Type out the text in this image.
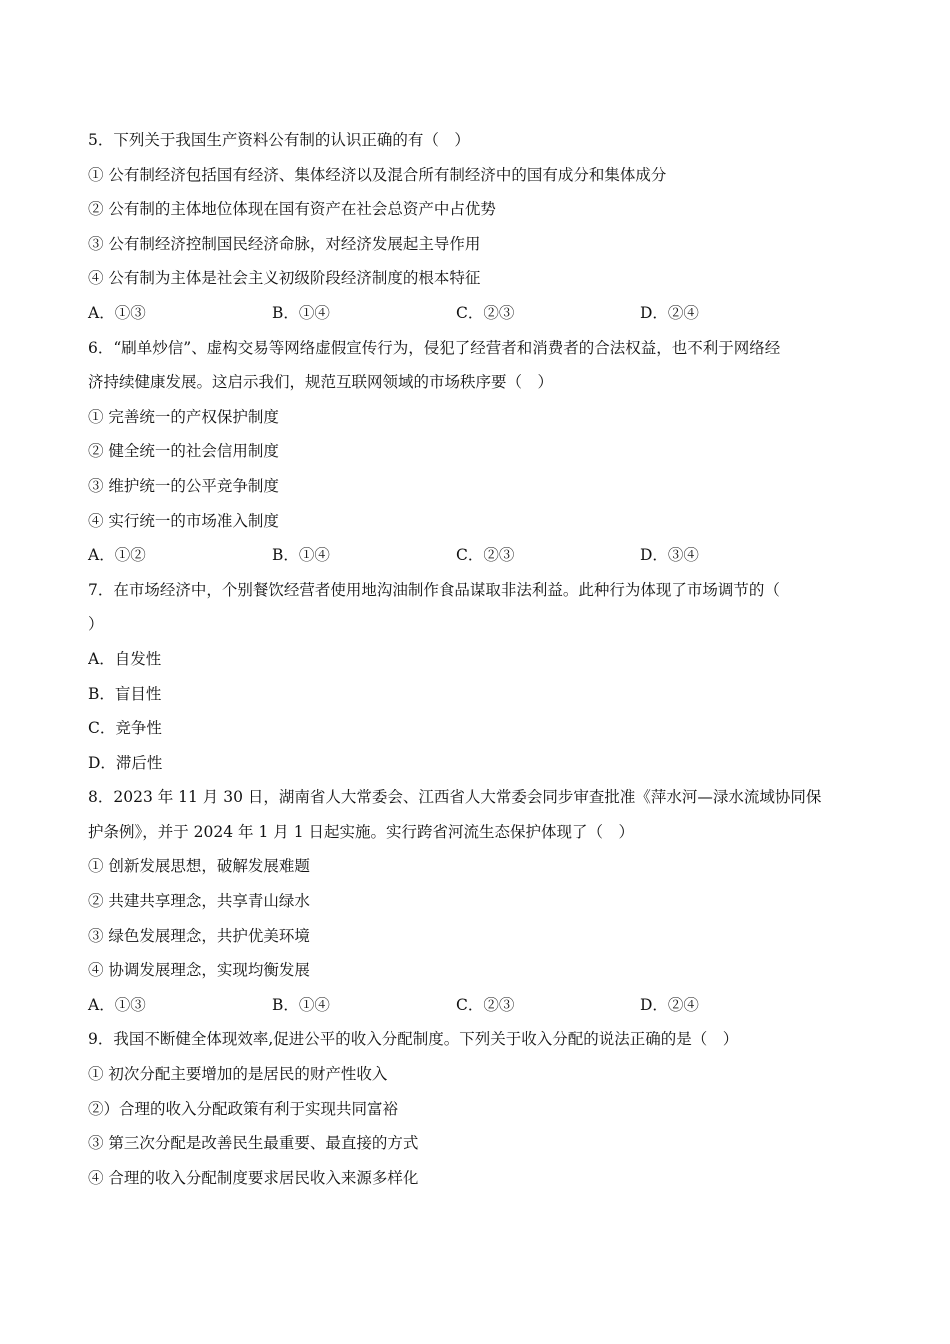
5．下列关于我国生产资料公有制的认识正确的有（　）
① 公有制经济包括国有经济、集体经济以及混合所有制经济中的国有成分和集体成分
② 公有制的主体地位体现在国有资产在社会总资产中占优势
③ 公有制经济控制国民经济命脉，对经济发展起主导作用
④ 公有制为主体是社会主义初级阶段经济制度的根本特征
A．①③	B．①④	C．②③	D．②④
6．“刷单炒信”、虚构交易等网络虚假宣传行为，侵犯了经营者和消费者的合法权益，也不利于网络经
济持续健康发展。这启示我们，规范互联网领域的市场秩序要（　）
① 完善统一的产权保护制度
② 健全统一的社会信用制度
③ 维护统一的公平竞争制度
④ 实行统一的市场准入制度
A．①②	B．①④	C．②③	D．③④
7．在市场经济中，个别餐饮经营者使用地沟油制作食品谋取非法利益。此种行为体现了市场调节的（
）
A．自发性
B．盲目性
C．竞争性
D．滞后性
8．2023 年 11 月 30 日，湖南省人大常委会、江西省人大常委会同步审查批准《萍水河—渌水流域协同保
护条例》，并于 2024 年 1 月 1 日起实施。实行跨省河流生态保护体现了（　）
① 创新发展思想，破解发展难题
② 共建共享理念，共享青山绿水
③ 绿色发展理念，共护优美环境
④ 协调发展理念，实现均衡发展
A．①③	B．①④	C．②③	D．②④
9．我国不断健全体现效率,促进公平的收入分配制度。下列关于收入分配的说法正确的是（　）
① 初次分配主要增加的是居民的财产性收入
②）合理的收入分配政策有利于实现共同富裕
③ 第三次分配是改善民生最重要、最直接的方式
④ 合理的收入分配制度要求居民收入来源多样化
